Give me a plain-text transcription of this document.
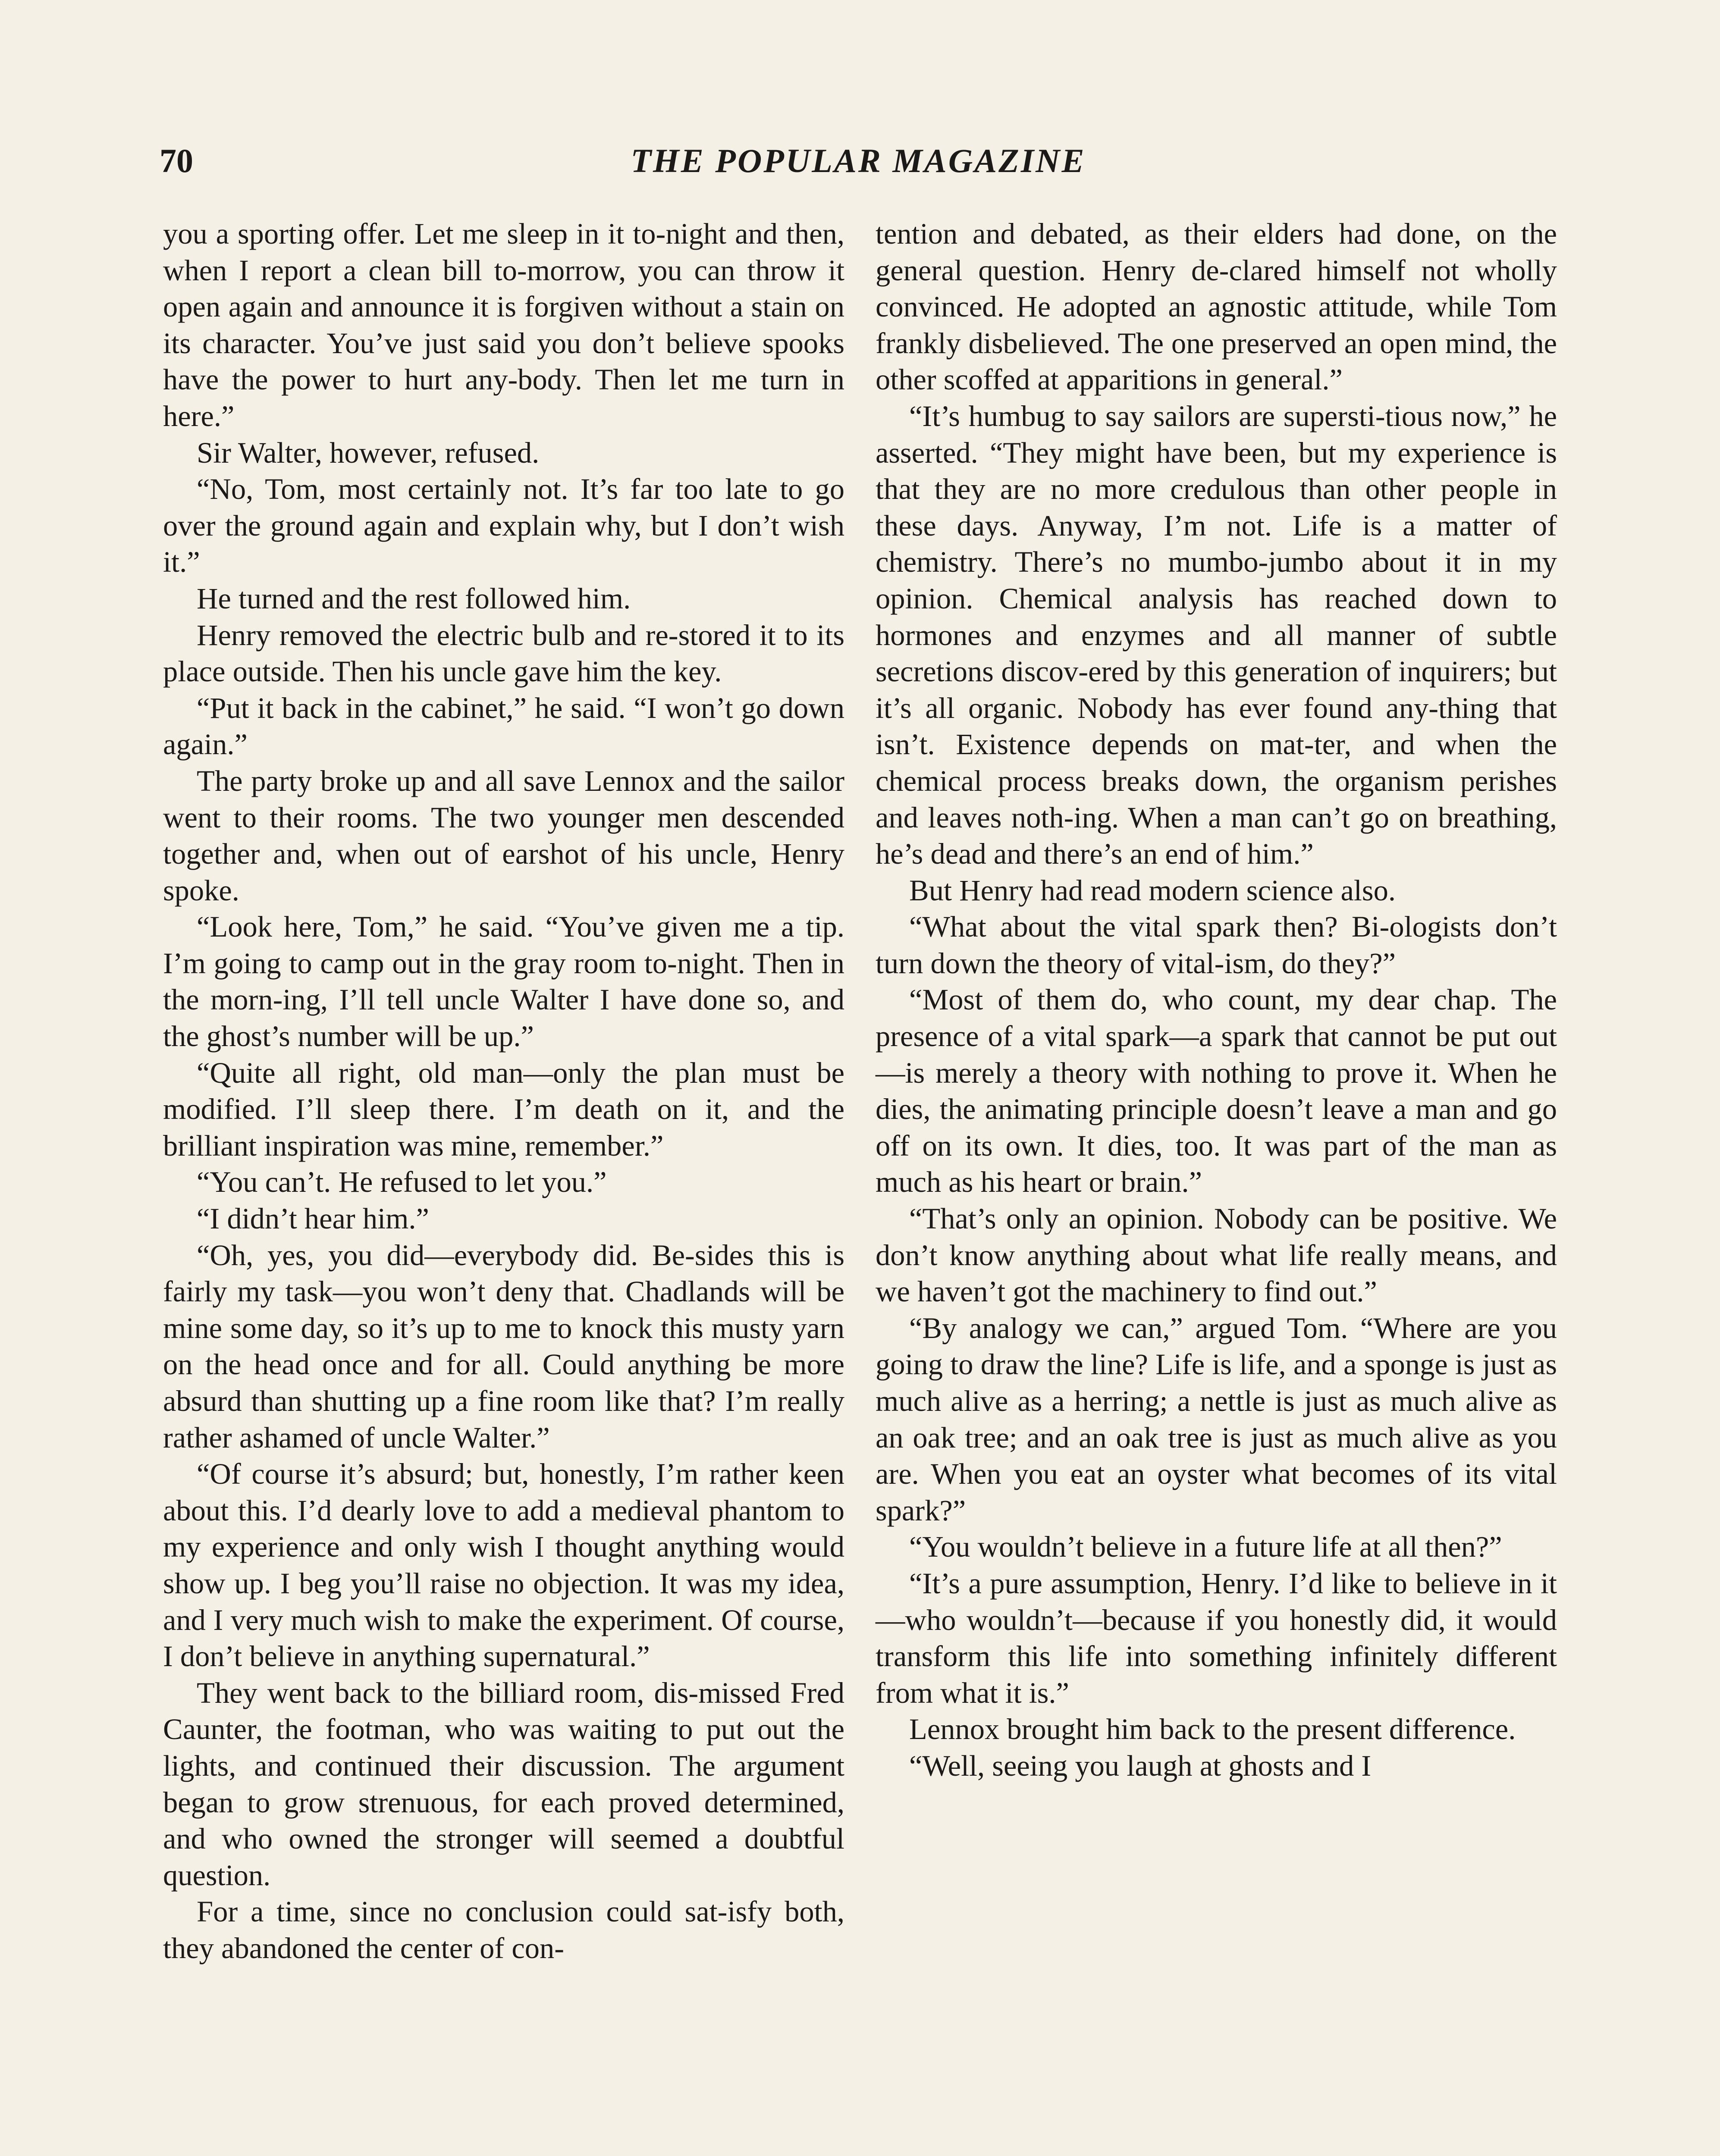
70	THE POPULAR MAGAZINE

you a sporting offer. Let me sleep in it to-night and then, when I report a clean bill to-morrow, you can throw it open again and announce it is forgiven without a stain on its character. You’ve just said you don’t believe spooks have the power to hurt any-body. Then let me turn in here.”

Sir Walter, however, refused.

“No, Tom, most certainly not. It’s far too late to go over the ground again and explain why, but I don’t wish it.”

He turned and the rest followed him.

Henry removed the electric bulb and re-stored it to its place outside. Then his uncle gave him the key.

“Put it back in the cabinet,” he said. “I won’t go down again.”

The party broke up and all save Lennox and the sailor went to their rooms. The two younger men descended together and, when out of earshot of his uncle, Henry spoke.

“Look here, Tom,” he said. “You’ve given me a tip. I’m going to camp out in the gray room to-night. Then in the morn-ing, I’ll tell uncle Walter I have done so, and the ghost’s number will be up.”

“Quite all right, old man—only the plan must be modified. I’ll sleep there. I’m death on it, and the brilliant inspiration was mine, remember.”

“You can’t. He refused to let you.”

“I didn’t hear him.”

“Oh, yes, you did—everybody did. Be-sides this is fairly my task—you won’t deny that. Chadlands will be mine some day, so it’s up to me to knock this musty yarn on the head once and for all. Could anything be more absurd than shutting up a fine room like that? I’m really rather ashamed of uncle Walter.”

“Of course it’s absurd; but, honestly, I’m rather keen about this. I’d dearly love to add a medieval phantom to my experience and only wish I thought anything would show up. I beg you’ll raise no objection. It was my idea, and I very much wish to make the experiment. Of course, I don’t believe in anything supernatural.”

They went back to the billiard room, dis-missed Fred Caunter, the footman, who was waiting to put out the lights, and continued their discussion. The argument began to grow strenuous, for each proved determined, and who owned the stronger will seemed a doubtful question.

For a time, since no conclusion could sat-isfy both, they abandoned the center of con-

tention and debated, as their elders had done, on the general question. Henry de-clared himself not wholly convinced. He adopted an agnostic attitude, while Tom frankly disbelieved. The one preserved an open mind, the other scoffed at apparitions in general.”

“It’s humbug to say sailors are supersti-tious now,” he asserted. “They might have been, but my experience is that they are no more credulous than other people in these days. Anyway, I’m not. Life is a matter of chemistry. There’s no mumbo-jumbo about it in my opinion. Chemical analysis has reached down to hormones and enzymes and all manner of subtle secretions discov-ered by this generation of inquirers; but it’s all organic. Nobody has ever found any-thing that isn’t. Existence depends on mat-ter, and when the chemical process breaks down, the organism perishes and leaves noth-ing. When a man can’t go on breathing, he’s dead and there’s an end of him.”

But Henry had read modern science also.

“What about the vital spark then? Bi-ologists don’t turn down the theory of vital-ism, do they?”

“Most of them do, who count, my dear chap. The presence of a vital spark—a spark that cannot be put out—is merely a theory with nothing to prove it. When he dies, the animating principle doesn’t leave a man and go off on its own. It dies, too. It was part of the man as much as his heart or brain.”

“That’s only an opinion. Nobody can be positive. We don’t know anything about what life really means, and we haven’t got the machinery to find out.”

“By analogy we can,” argued Tom. “Where are you going to draw the line? Life is life, and a sponge is just as much alive as a herring; a nettle is just as much alive as an oak tree; and an oak tree is just as much alive as you are. When you eat an oyster what becomes of its vital spark?”

“You wouldn’t believe in a future life at all then?”

“It’s a pure assumption, Henry. I’d like to believe in it—who wouldn’t—because if you honestly did, it would transform this life into something infinitely different from what it is.”

Lennox brought him back to the present difference.

“Well, seeing you laugh at ghosts and I
